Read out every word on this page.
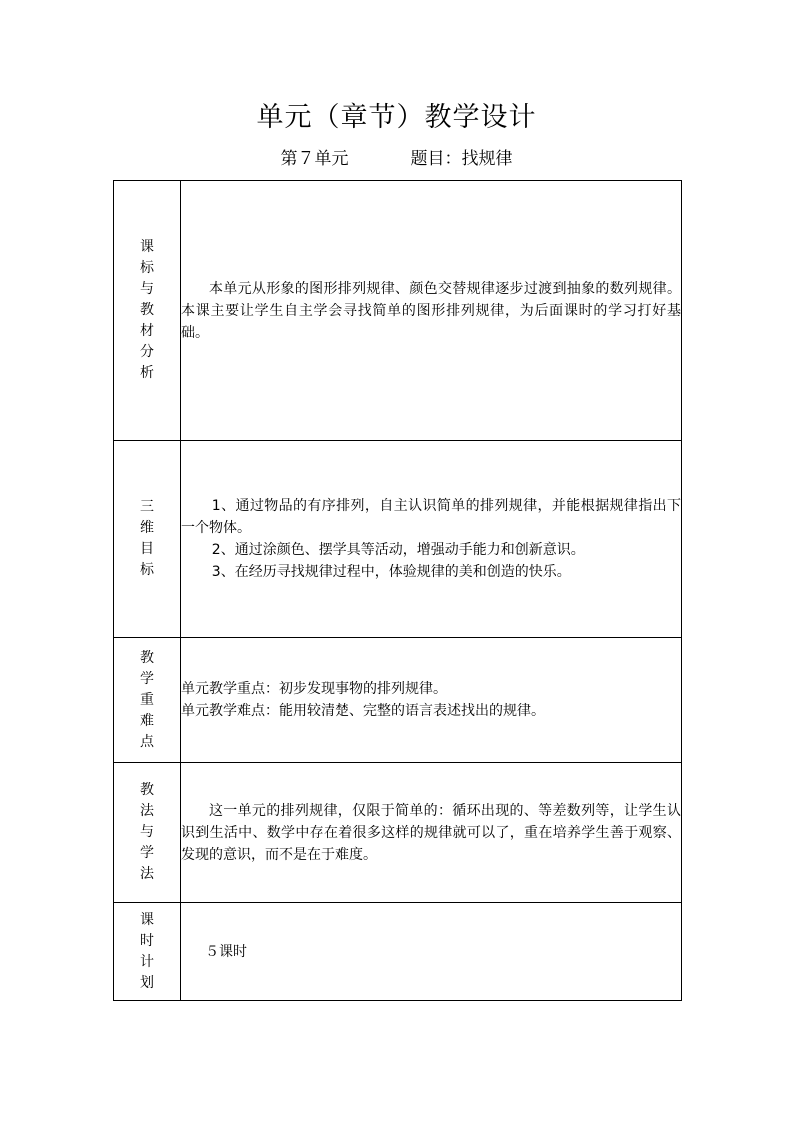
单元（章节）教学设计
第７单元	题目：找规律
课标与教材分析	本单元从形象的图形排列规律、颜色交替规律逐步过渡到抽象的数列规律。本课主要让学生自主学会寻找简单的图形排列规律，为后面课时的学习打好基础。

三维目标	1、通过物品的有序排列，自主认识简单的排列规律，并能根据规律指出下一个物体。

2、通过涂颜色、摆学具等活动，增强动手能力和创新意识。

3、在经历寻找规律过程中，体验规律的美和创造的快乐。

教学重难点	单元教学重点：初步发现事物的排列规律。

单元教学难点：能用较清楚、完整的语言表述找出的规律。

教法与学法	这一单元的排列规律，仅限于简单的：循环出现的、等差数列等，让学生认识到生活中、数学中存在着很多这样的规律就可以了，重在培养学生善于观察、发现的意识，而不是在于难度。

课时计划	５课时
